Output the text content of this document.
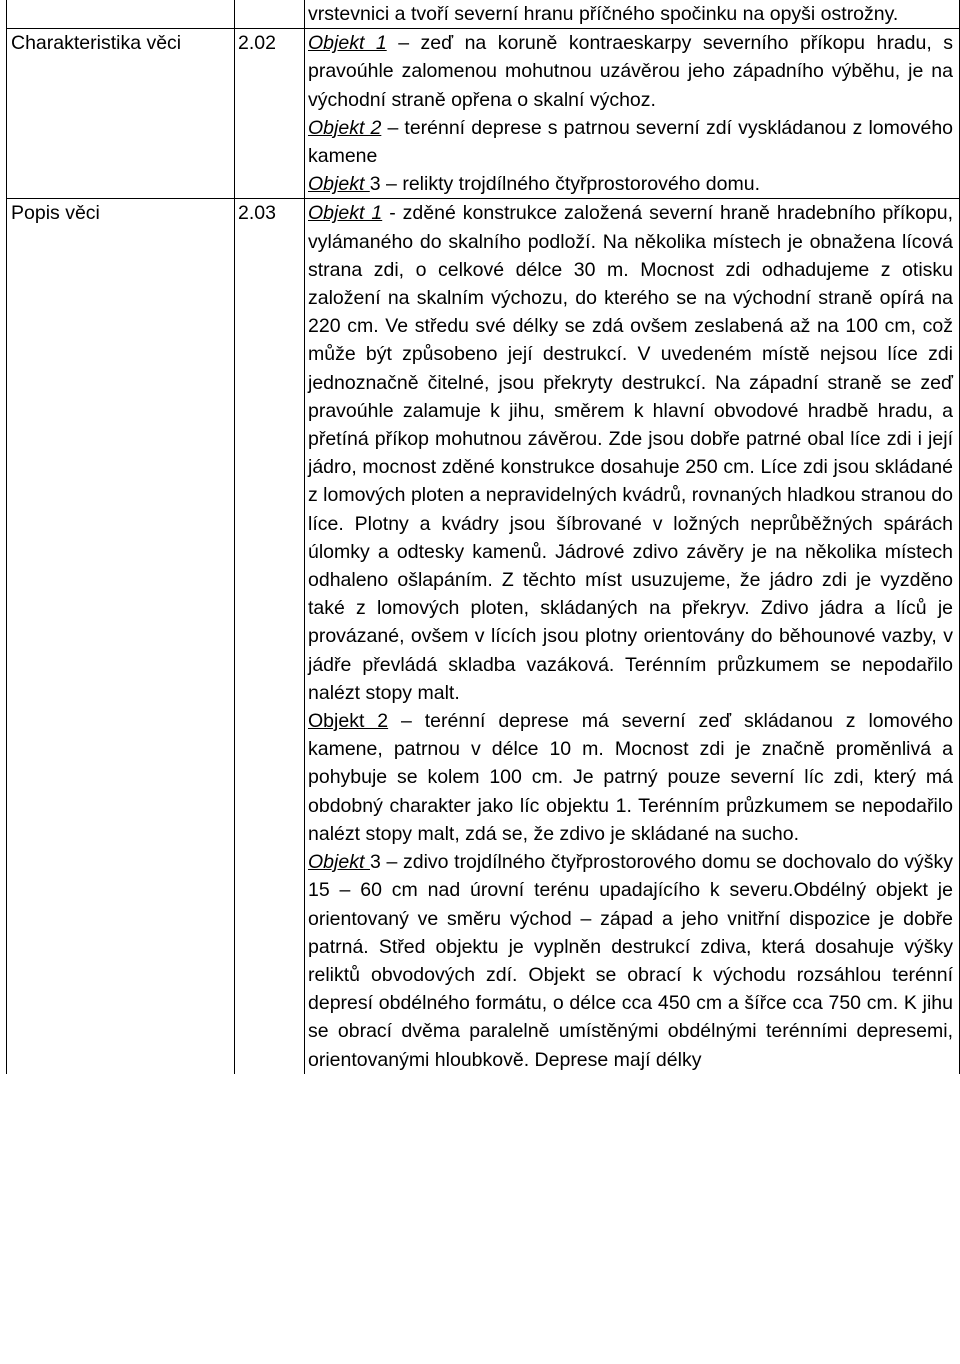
		vrstevnici a tvoří severní hranu příčného spočinku na opyši ostrožny.

Charakteristika věci	2.02	Objekt 1 – zeď na koruně kontraeskarpy severního příkopu hradu, s pravoúhle zalomenou mohutnou uzávěrou jeho západního výběhu, je na východní straně opřena o skalní výchoz.

Objekt 2 – terénní deprese s patrnou severní zdí vyskládanou z lomového kamene

Objekt 3 – relikty trojdílného čtyřprostorového domu.

Popis věci	2.03	Objekt 1 - zděné konstrukce založená severní hraně hradebního příkopu, vylámaného do skalního podloží. Na několika místech je obnažena lícová strana zdi, o celkové délce 30 m. Mocnost zdi odhadujeme z otisku založení na skalním výchozu, do kterého se na východní straně opírá na 220 cm. Ve středu své délky se zdá ovšem zeslabená až na 100 cm, což může být způsobeno její destrukcí. V uvedeném místě nejsou líce zdi jednoznačně čitelné, jsou překryty destrukcí. Na západní straně se zeď pravoúhle zalamuje k jihu, směrem k hlavní obvodové hradbě hradu, a přetíná příkop mohutnou závěrou. Zde jsou dobře patrné obal líce zdi i její jádro, mocnost zděné konstrukce dosahuje 250 cm. Líce zdi jsou skládané z lomových ploten a nepravidelných kvádrů, rovnaných hladkou stranou do líce. Plotny a kvádry jsou šíbrované v ložných neprůběžných spárách úlomky a odtesky kamenů. Jádrové zdivo závěry je na několika místech odhaleno ošlapáním. Z těchto míst usuzujeme, že jádro zdi je vyzděno také z lomových ploten, skládaných na překryv. Zdivo jádra a líců je provázané, ovšem v lících jsou plotny orientovány do běhounové vazby, v jádře převládá skladba vazáková. Terénním průzkumem se nepodařilo nalézt stopy malt.

Objekt 2 – terénní deprese má severní zeď skládanou z lomového kamene, patrnou v délce 10 m. Mocnost zdi je značně proměnlivá a pohybuje se kolem 100 cm. Je patrný pouze severní líc zdi, který má obdobný charakter jako líc objektu 1. Terénním průzkumem se nepodařilo nalézt stopy malt, zdá se, že zdivo je skládané na sucho.

Objekt 3 – zdivo trojdílného čtyřprostorového domu se dochovalo do výšky 15 – 60 cm nad úrovní terénu upadajícího k severu.Obdélný objekt je orientovaný ve směru východ – západ a jeho vnitřní dispozice je dobře patrná. Střed objektu je vyplněn destrukcí zdiva, která dosahuje výšky reliktů obvodových zdí. Objekt se obrací k východu rozsáhlou terénní depresí obdélného formátu, o délce cca 450 cm a šířce cca 750 cm. K jihu se obrací dvěma paralelně umístěnými obdélnými terénními depresemi, orientovanými hloubkově. Deprese mají délky
